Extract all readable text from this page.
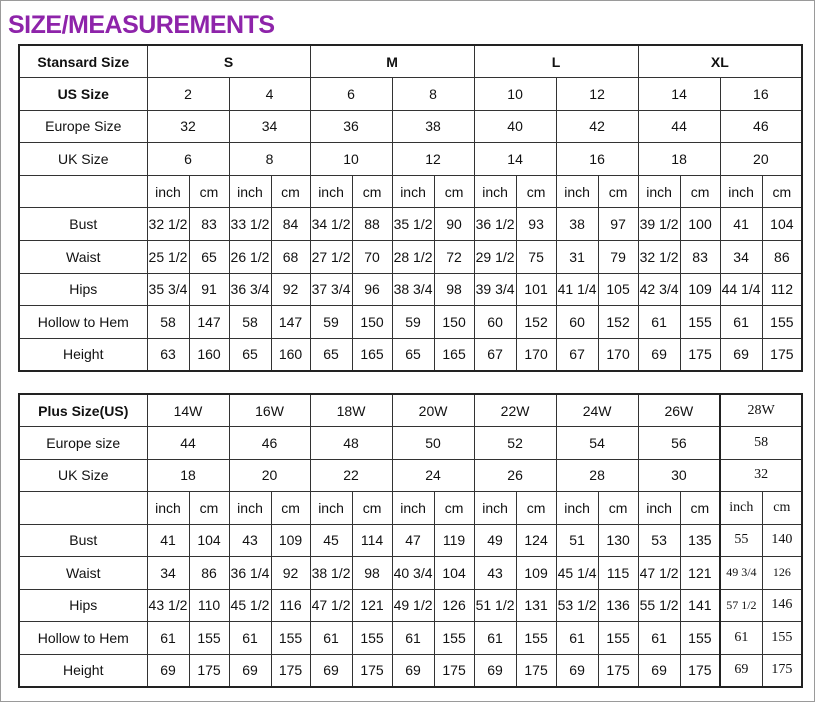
SIZE/MEASUREMENTS
Stansard Size	S				M				L				XL			
US Size	2		4		6		8		10		12		14		16	
Europe Size	32		34		36		38		40		42		44		46	
UK Size	6		8		10		12		14		16		18		20	
	inch	cm	inch	cm	inch	cm	inch	cm	inch	cm	inch	cm	inch	cm	inch	cm
Bust	32 1/2	83	33 1/2	84	34 1/2	88	35 1/2	90	36 1/2	93	38	97	39 1/2	100	41	104
Waist	25 1/2	65	26 1/2	68	27 1/2	70	28 1/2	72	29 1/2	75	31	79	32 1/2	83	34	86
Hips	35 3/4	91	36 3/4	92	37 3/4	96	38 3/4	98	39 3/4	101	41 1/4	105	42 3/4	109	44 1/4	112
Hollow to Hem	58	147	58	147	59	150	59	150	60	152	60	152	61	155	61	155
Height	63	160	65	160	65	165	65	165	67	170	67	170	69	175	69	175
Plus Size(US)	14W		16W		18W		20W		22W		24W		26W		28W	
Europe size	44		46		48		50		52		54		56		58	
UK Size	18		20		22		24		26		28		30		32	
	inch	cm	inch	cm	inch	cm	inch	cm	inch	cm	inch	cm	inch	cm	inch	cm
Bust	41	104	43	109	45	114	47	119	49	124	51	130	53	135	55	140
Waist	34	86	36 1/4	92	38 1/2	98	40 3/4	104	43	109	45 1/4	115	47 1/2	121	49 3/4	126
Hips	43 1/2	110	45 1/2	116	47 1/2	121	49 1/2	126	51 1/2	131	53 1/2	136	55 1/2	141	57 1/2	146
Hollow to Hem	61	155	61	155	61	155	61	155	61	155	61	155	61	155	61	155
Height	69	175	69	175	69	175	69	175	69	175	69	175	69	175	69	175
